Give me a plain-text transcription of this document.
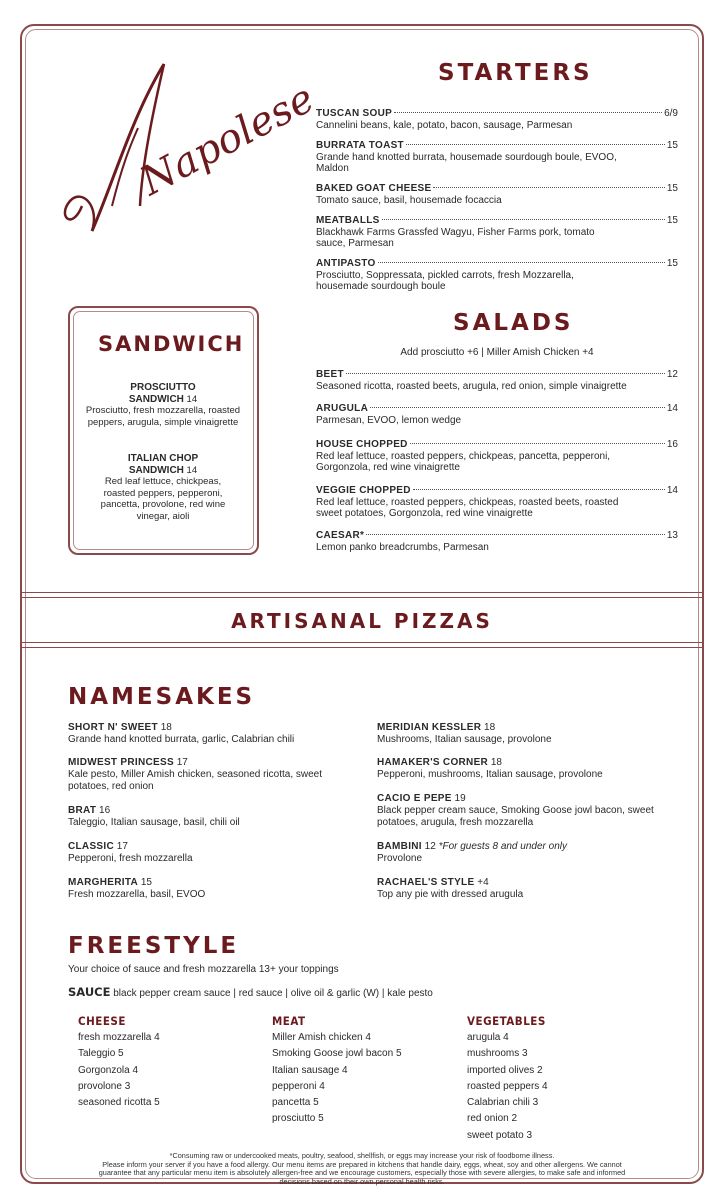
Napolese
STARTERS
TUSCAN SOUP	6/9
Cannelini beans, kale, potato, bacon, sausage, Parmesan
BURRATA TOAST	15
Grande hand knotted burrata, housemade sourdough boule, EVOO, Maldon
BAKED GOAT CHEESE	15
Tomato sauce, basil, housemade focaccia
MEATBALLS	15
Blackhawk Farms Grassfed Wagyu, Fisher Farms pork, tomato sauce, Parmesan
ANTIPASTO	15
Prosciutto, Soppressata, pickled carrots, fresh Mozzarella, housemade sourdough boule
SANDWICH
PROSCIUTTO
SANDWICH 14
Prosciutto, fresh mozzarella, roasted peppers, arugula, simple vinaigrette
ITALIAN CHOP
SANDWICH 14
Red leaf lettuce, chickpeas, roasted peppers, pepperoni, pancetta, provolone, red wine vinegar, aioli
SALADS
Add prosciutto +6 | Miller Amish Chicken +4
BEET	12
Seasoned ricotta, roasted beets, arugula, red onion, simple vinaigrette
ARUGULA	14
Parmesan, EVOO, lemon wedge
HOUSE CHOPPED	16
Red leaf lettuce, roasted peppers, chickpeas, pancetta, pepperoni, Gorgonzola, red wine vinaigrette
VEGGIE CHOPPED	14
Red leaf lettuce, roasted peppers, chickpeas, roasted beets, roasted sweet potatoes, Gorgonzola, red wine vinaigrette
CAESAR*	13
Lemon panko breadcrumbs, Parmesan
ARTISANAL PIZZAS
NAMESAKES
SHORT N' SWEET 18
Grande hand knotted burrata, garlic, Calabrian chili
MIDWEST PRINCESS 17
Kale pesto, Miller Amish chicken, seasoned ricotta, sweet potatoes, red onion
BRAT 16
Taleggio, Italian sausage, basil, chili oil
CLASSIC 17
Pepperoni, fresh mozzarella
MARGHERITA 15
Fresh mozzarella, basil, EVOO
MERIDIAN KESSLER 18
Mushrooms, Italian sausage, provolone
HAMAKER'S CORNER 18
Pepperoni, mushrooms, Italian sausage, provolone
CACIO E PEPE 19
Black pepper cream sauce, Smoking Goose jowl bacon, sweet potatoes, arugula, fresh mozzarella
BAMBINI 12 *For guests 8 and under only
Provolone
RACHAEL'S STYLE +4
Top any pie with dressed arugula
FREESTYLE
Your choice of sauce and fresh mozzarella 13+ your toppings
SAUCE black pepper cream sauce | red sauce | olive oil & garlic (W) | kale pesto
CHEESE
fresh mozzarella 4
Taleggio 5
Gorgonzola 4
provolone 3
seasoned ricotta 5
MEAT
Miller Amish chicken 4
Smoking Goose jowl bacon 5
Italian sausage 4
pepperoni 4
pancetta 5
prosciutto 5
VEGETABLES
arugula 4
mushrooms 3
imported olives 2
roasted peppers 4
Calabrian chili 3
red onion 2
sweet potato 3
*Consuming raw or undercooked meats, poultry, seafood, shellfish, or eggs may increase your risk of foodborne illness.
Please inform your server if you have a food allergy. Our menu items are prepared in kitchens that handle dairy, eggs, wheat, soy and other allergens. We cannot guarantee that any particular menu item is absolutely allergen-free and we encourage customers, especially those with severe allergies, to make safe and informed decisions based on their own personal health risks.
